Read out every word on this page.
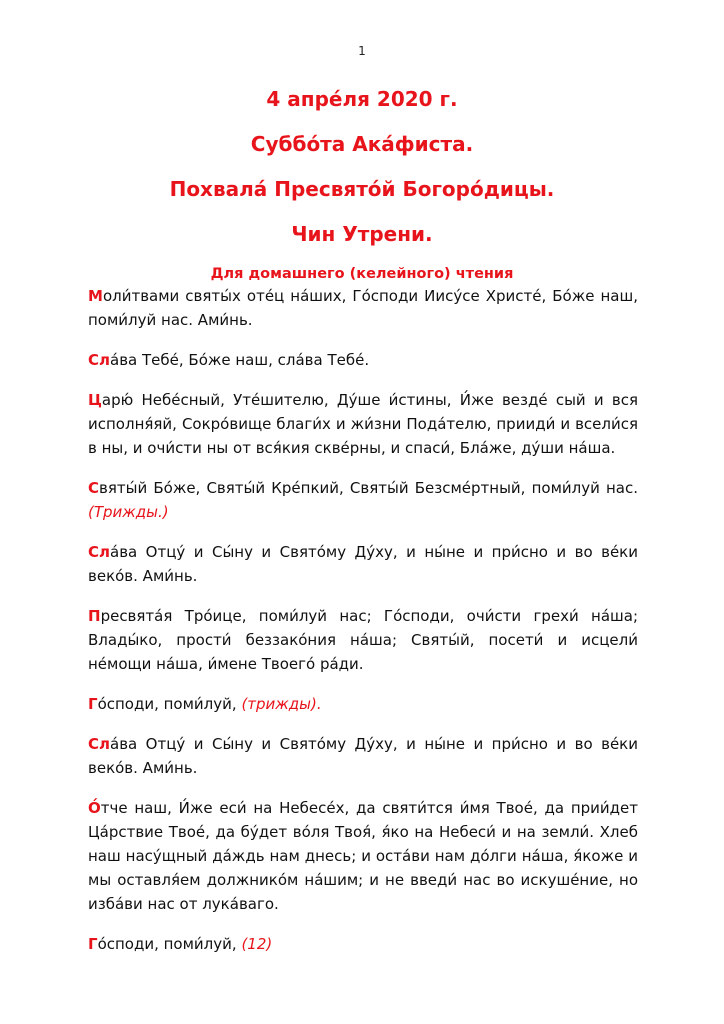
1
4 апре́ля 2020 г.
Суббо́та Ака́фиста.
Похвала́ Пресвято́й Богоро́дицы.
Чин Утрени.
Для домашнего (келейного) чтения

Моли́твами святы́х оте́ц на́ших, Го́споди Иису́се Христе́, Бо́же наш, поми́луй нас. Ами́нь.

Сла́ва Тебе́, Бо́же наш, сла́ва Тебе́.

Царю́ Небе́сный, Уте́шителю, Ду́ше и́стины, И́же везде́ сый и вся исполня́яй, Сокро́вище благи́х и жи́зни Пода́телю, прииди́ и всели́ся в ны, и очи́сти ны от вся́кия скве́рны, и спаси́, Бла́же, ду́ши на́ша.

Святы́й Бо́же, Святы́й Кре́пкий, Святы́й Безсме́ртный, поми́луй нас. (Трижды.)

Сла́ва Отцу́ и Сы́ну и Свято́му Ду́ху, и ны́не и при́сно и во ве́ки веко́в. Ами́нь.

Пресвята́я Тро́ице, поми́луй нас; Го́споди, очи́сти грехи́ на́ша; Влады́ко, прости́ беззако́ния на́ша; Святы́й, посети́ и исцели́ не́мощи на́ша, и́мене Твоего́ ра́ди.

Го́споди, поми́луй, (трижды).

Сла́ва Отцу́ и Сы́ну и Свято́му Ду́ху, и ны́не и при́сно и во ве́ки веко́в. Ами́нь.

О́тче наш, И́же еси́ на Небесе́х, да святи́тся и́мя Твое́, да прии́дет Ца́рствие Твое́, да бу́дет во́ля Твоя́, я́ко на Небеси́ и на земли́. Хлеб наш насу́щный да́ждь нам днесь; и оста́ви нам до́лги на́ша, я́коже и мы оставля́ем должнико́м на́шим; и не введи́ нас во искуше́ние, но изба́ви нас от лука́ваго.

Го́споди, поми́луй, (12)
